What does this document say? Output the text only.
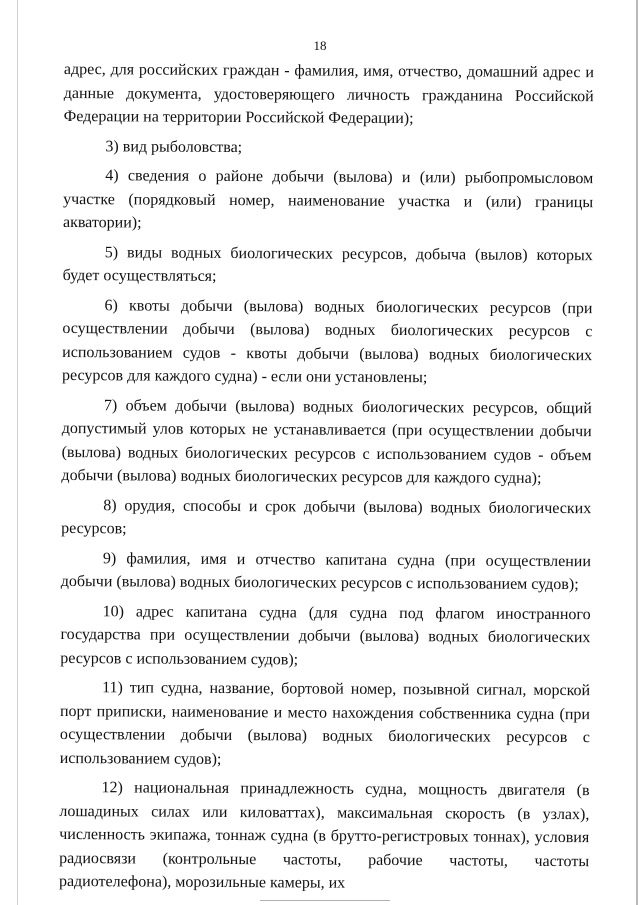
18

адрес, для российских граждан - фамилия, имя, отчество, домашний адрес и данные документа, удостоверяющего личность гражданина Российской Федерации на территории Российской Федерации);

3) вид рыболовства;

4) сведения о районе добычи (вылова) и (или) рыбопромысловом участке (порядковый номер, наименование участка и (или) границы акватории);

5) виды водных биологических ресурсов, добыча (вылов) которых будет осуществляться;

6) квоты добычи (вылова) водных биологических ресурсов (при осуществлении добычи (вылова) водных биологических ресурсов с использованием судов - квоты добычи (вылова) водных биологических ресурсов для каждого судна) - если они установлены;

7) объем добычи (вылова) водных биологических ресурсов, общий допустимый улов которых не устанавливается (при осуществлении добычи (вылова) водных биологических ресурсов с использованием судов - объем добычи (вылова) водных биологических ресурсов для каждого судна);

8) орудия, способы и срок добычи (вылова) водных биологических ресурсов;

9) фамилия, имя и отчество капитана судна (при осуществлении добычи (вылова) водных биологических ресурсов с использованием судов);

10) адрес капитана судна (для судна под флагом иностранного государства при осуществлении добычи (вылова) водных биологических ресурсов с использованием судов);

11) тип судна, название, бортовой номер, позывной сигнал, морской порт приписки, наименование и место нахождения собственника судна (при осуществлении добычи (вылова) водных биологических ресурсов с использованием судов);

12) национальная принадлежность судна, мощность двигателя (в лошадиных силах или киловаттах), максимальная скорость (в узлах), численность экипажа, тоннаж судна (в брутто-регистровых тоннах), условия радиосвязи (контрольные частоты, рабочие частоты, частоты радиотелефона), морозильные камеры, их
